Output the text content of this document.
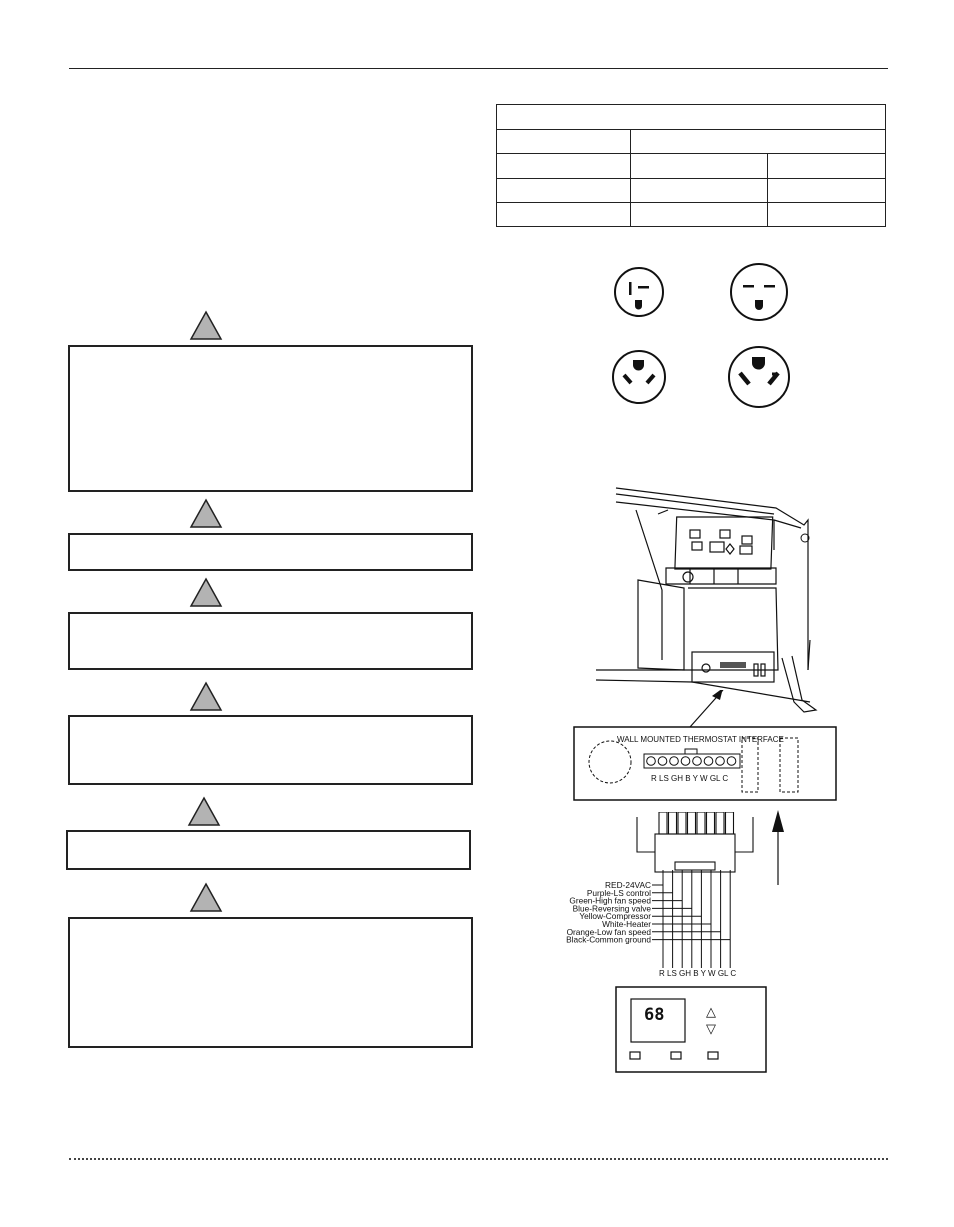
WALL MOUNTED THERMOSTAT INTERFACE
R LS GH B Y W GL C
RED-24VAC
Purple-LS control
Green-High fan speed
Blue-Reversing valve
Yellow-Compressor
White-Heater
Orange-Low fan speed
Black-Common ground
R LS GH B Y W GL C
68	△
▽
